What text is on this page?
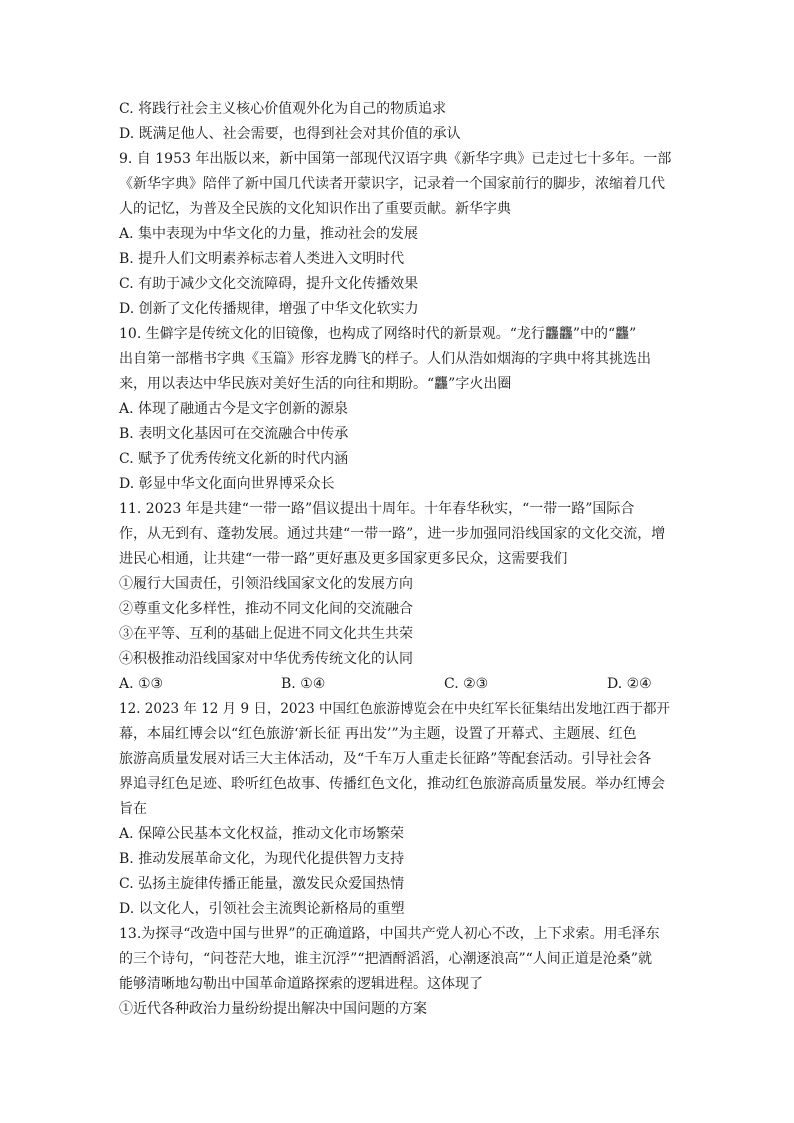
C. 将践行社会主义核心价值观外化为自己的物质追求
D. 既满足他人、社会需要，也得到社会对其价值的承认
9. 自 1953 年出版以来，新中国第一部现代汉语字典《新华字典》已走过七十多年。一部
《新华字典》陪伴了新中国几代读者开蒙识字，记录着一个国家前行的脚步，浓缩着几代
人的记忆，为普及全民族的文化知识作出了重要贡献。新华字典
A. 集中表现为中华文化的力量，推动社会的发展
B. 提升人们文明素养标志着人类进入文明时代
C. 有助于减少文化交流障碍，提升文化传播效果
D. 创新了文化传播规律，增强了中华文化软实力
10. 生僻字是传统文化的旧镜像，也构成了网络时代的新景观。“龙行龘龘”中的“龘”
出自第一部楷书字典《玉篇》形容龙腾飞的样子。人们从浩如烟海的字典中将其挑选出
来，用以表达中华民族对美好生活的向往和期盼。“龘”字火出圈
A. 体现了融通古今是文字创新的源泉
B. 表明文化基因可在交流融合中传承
C. 赋予了优秀传统文化新的时代内涵
D. 彰显中华文化面向世界博采众长
11. 2023 年是共建“一带一路”倡议提出十周年。十年春华秋实，“一带一路”国际合
作，从无到有、蓬勃发展。通过共建“一带一路”，进一步加强同沿线国家的文化交流，增
进民心相通，让共建“一带一路”更好惠及更多国家更多民众，这需要我们
①履行大国责任，引领沿线国家文化的发展方向
②尊重文化多样性，推动不同文化间的交流融合
③在平等、互利的基础上促进不同文化共生共荣
④积极推动沿线国家对中华优秀传统文化的认同
A. ①③	B. ①④	C. ②③	D. ②④
12. 2023 年 12 月 9 日，2023 中国红色旅游博览会在中央红军长征集结出发地江西于都开
幕，本届红博会以“红色旅游‘新长征 再出发’”为主题，设置了开幕式、主题展、红色
旅游高质量发展对话三大主体活动，及“千车万人重走长征路”等配套活动。引导社会各
界追寻红色足迹、聆听红色故事、传播红色文化，推动红色旅游高质量发展。举办红博会
旨在
A. 保障公民基本文化权益，推动文化市场繁荣
B. 推动发展革命文化，为现代化提供智力支持
C. 弘扬主旋律传播正能量，激发民众爱国热情
D. 以文化人，引领社会主流舆论新格局的重塑
13.为探寻“改造中国与世界”的正确道路，中国共产党人初心不改，上下求索。用毛泽东
的三个诗句，“问苍茫大地，谁主沉浮”“把酒酹滔滔，心潮逐浪高”“人间正道是沧桑”就
能够清晰地勾勒出中国革命道路探索的逻辑进程。这体现了
①近代各种政治力量纷纷提出解决中国问题的方案
